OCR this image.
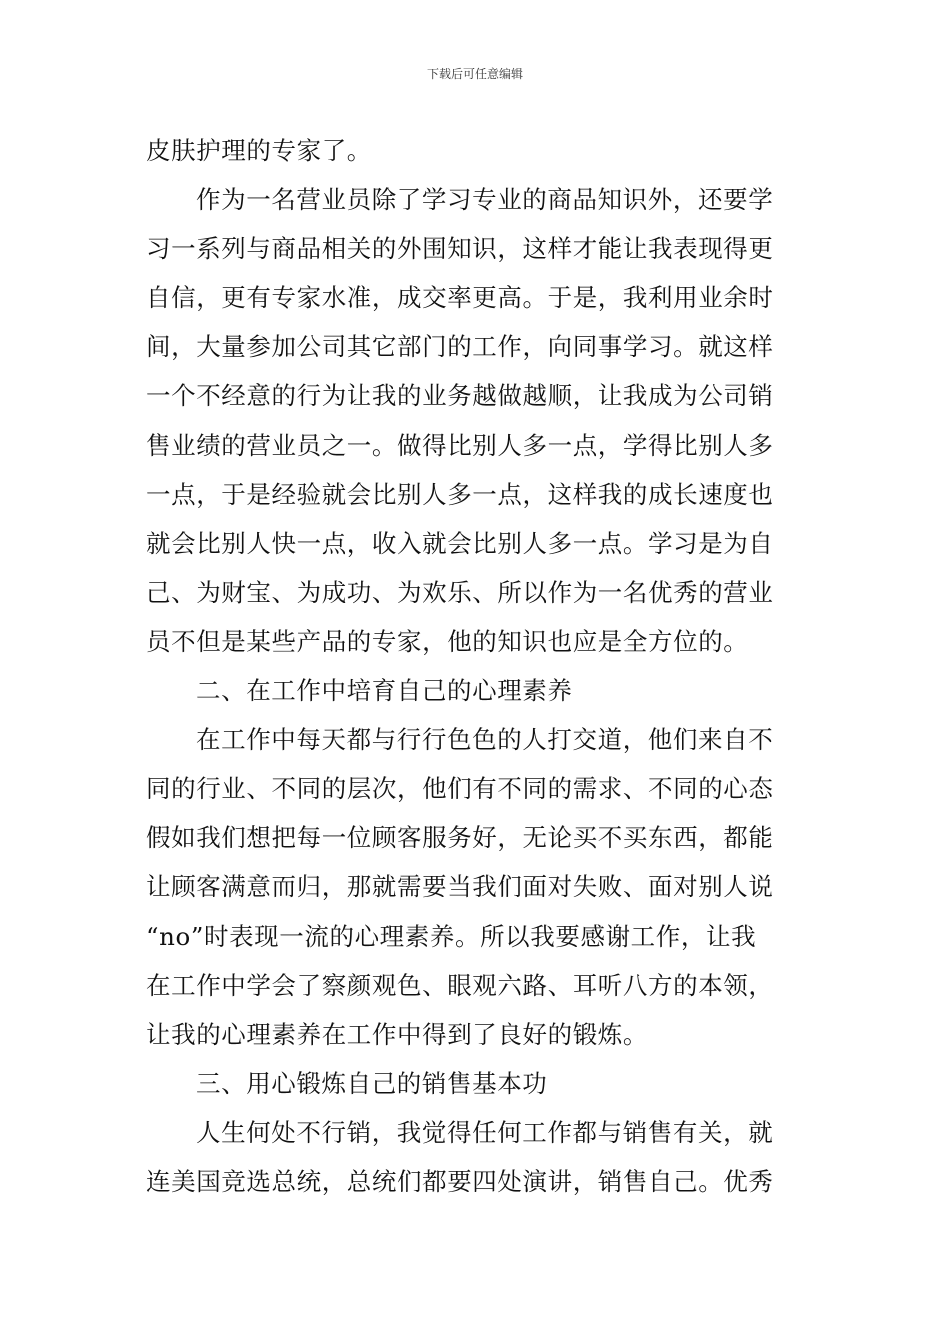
下载后可任意编辑
皮肤护理的专家了。
作为一名营业员除了学习专业的商品知识外，还要学
习一系列与商品相关的外围知识，这样才能让我表现得更
自信，更有专家水准，成交率更高。于是，我利用业余时
间，大量参加公司其它部门的工作，向同事学习。就这样
一个不经意的行为让我的业务越做越顺，让我成为公司销
售业绩的营业员之一。做得比别人多一点，学得比别人多
一点，于是经验就会比别人多一点，这样我的成长速度也
就会比别人快一点，收入就会比别人多一点。学习是为自
己、为财宝、为成功、为欢乐、所以作为一名优秀的营业
员不但是某些产品的专家，他的知识也应是全方位的。
二、在工作中培育自己的心理素养
在工作中每天都与行行色色的人打交道，他们来自不
同的行业、不同的层次，他们有不同的需求、不同的心态
假如我们想把每一位顾客服务好，无论买不买东西，都能
让顾客满意而归，那就需要当我们面对失败、面对别人说
“no”时表现一流的心理素养。所以我要感谢工作，让我
在工作中学会了察颜观色、眼观六路、耳听八方的本领，
让我的心理素养在工作中得到了良好的锻炼。
三、用心锻炼自己的销售基本功
人生何处不行销，我觉得任何工作都与销售有关，就
连美国竞选总统，总统们都要四处演讲，销售自己。优秀
